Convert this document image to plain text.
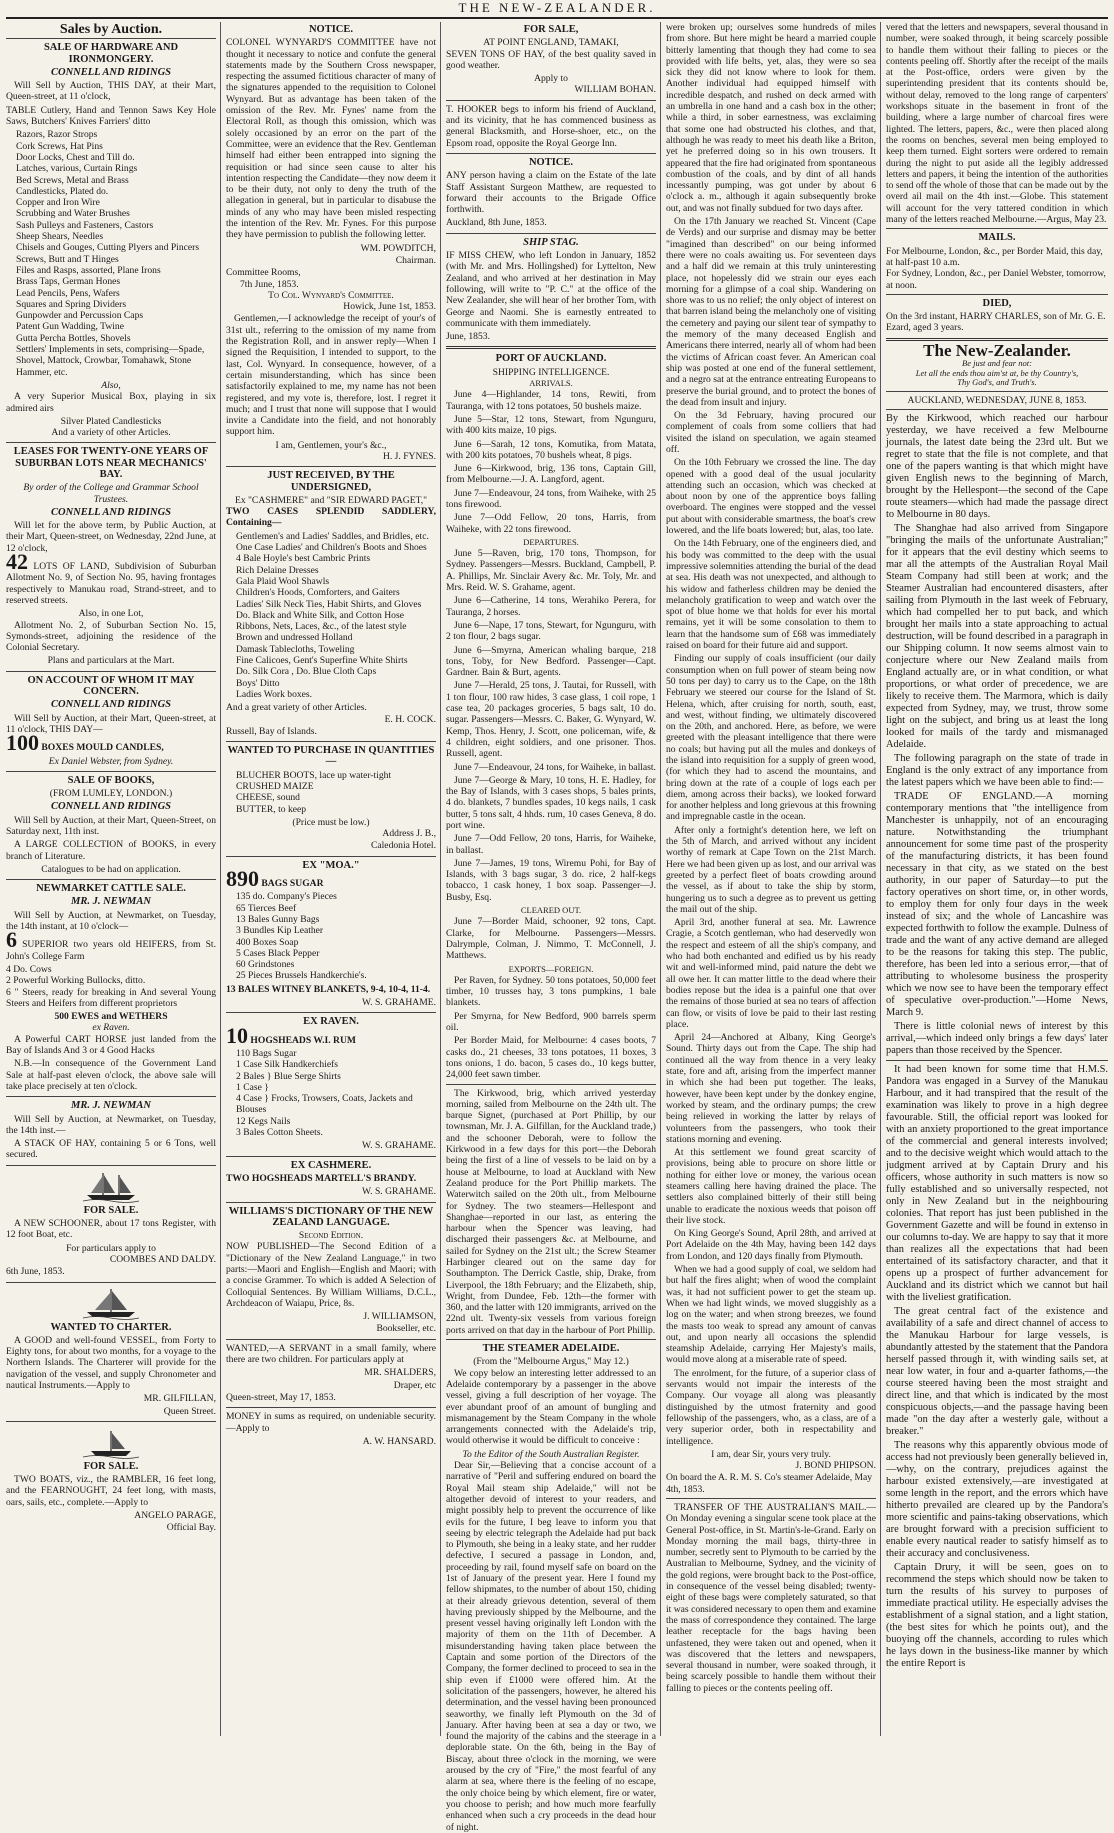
THE NEW-ZEALANDER.
Sales by Auction.
SALE OF HARDWARE AND IRONMONGERY.
CONNELL AND RIDINGS

Will Sell by Auction, THIS DAY, at their Mart, Queen-street, at 11 o'clock,

TABLE Cutlery, Hand and Tennon Saws Key Hole Saws, Butchers' Knives Farriers' ditto

Razors, Razor Strops
Cork Screws, Hat Pins
Door Locks, Chest and Till do.
Latches, various, Curtain Rings
Bed Screws, Metal and Brass
Candlesticks, Plated do.
Copper and Iron Wire
Scrubbing and Water Brushes
Sash Pulleys and Fasteners, Castors
Sheep Shears, Needles
Chisels and Gouges, Cutting Plyers and Pincers
Screws, Butt and T Hinges
Files and Rasps, assorted, Plane Irons
Brass Taps, German Hones
Lead Pencils, Pens, Wafers
Squares and Spring Dividers
Gunpowder and Percussion Caps
Patent Gun Wadding, Twine
Gutta Percha Bottles, Shovels
Settlers' Implements in sets, comprising—Spade, Shovel, Mattock, Crowbar, Tomahawk, Stone Hammer, etc.
Also,

A very Superior Musical Box, playing in six admired airs

Silver Plated Candlesticks
And a variety of other Articles.
LEASES FOR TWENTY-ONE YEARS OF SUBURBAN LOTS NEAR MECHANICS' BAY.
By order of the College and Grammar School Trustees.
CONNELL AND RIDINGS

Will let for the above term, by Public Auction, at their Mart, Queen-street, on Wednesday, 22nd June, at 12 o'clock,

42 LOTS OF LAND, Subdivision of Suburban Allotment No. 9, of Section No. 95, having frontages respectively to Manukau road, Strand-street, and to reserved streets.

Also, in one Lot,

Allotment No. 2, of Suburban Section No. 15, Symonds-street, adjoining the residence of the Colonial Secretary.

Plans and particulars at the Mart.
ON ACCOUNT OF WHOM IT MAY CONCERN.
CONNELL AND RIDINGS

Will Sell by Auction, at their Mart, Queen-street, at 11 o'clock, THIS DAY—

100 BOXES MOULD CANDLES,

Ex Daniel Webster, from Sydney.
SALE OF BOOKS,
(FROM LUMLEY, LONDON.)
CONNELL AND RIDINGS

Will Sell by Auction, at their Mart, Queen-Street, on Saturday next, 11th inst.

A LARGE COLLECTION of BOOKS, in every branch of Literature.

Catalogues to be had on application.
NEWMARKET CATTLE SALE.
MR. J. NEWMAN

Will Sell by Auction, at Newmarket, on Tuesday, the 14th instant, at 10 o'clock—

6 SUPERIOR two years old HEIFERS, from St. John's College Farm

4 Do. Cows
2 Powerful Working Bullocks, ditto.

6 " Steers, ready for breaking in And several Young Steers and Heifers from different proprietors

500 EWES and WETHERS
ex Raven.

A Powerful CART HORSE just landed from the Bay of Islands And 3 or 4 Good Hacks

N.B.—In consequence of the Government Land Sale at half-past eleven o'clock, the above sale will take place precisely at ten o'clock.

MR. J. NEWMAN

Will Sell by Auction, at Newmarket, on Tuesday, the 14th inst.—

A STACK OF HAY, containing 5 or 6 Tons, well secured.

FOR SALE.

A NEW SCHOONER, about 17 tons Register, with 12 foot Boat, etc.

For particulars apply to
COOMBES AND DALDY.
6th June, 1853.
WANTED TO CHARTER.

A GOOD and well-found VESSEL, from Forty to Eighty tons, for about two months, for a voyage to the Northern Islands. The Charterer will provide for the navigation of the vessel, and supply Chronometer and nautical Instruments.—Apply to

MR. GILFILLAN,
Queen Street.
FOR SALE.

TWO BOATS, viz., the RAMBLER, 16 feet long, and the FEARNOUGHT, 24 feet long, with masts, oars, sails, etc., complete.—Apply to

ANGELO PARAGE,
Official Bay.
NOTICE.

COLONEL WYNYARD'S COMMITTEE have not thought it necessary to notice and confute the general statements made by the Southern Cross newspaper, respecting the assumed fictitious character of many of the signatures appended to the requisition to Colonel Wynyard. But as advantage has been taken of the omission of the Rev. Mr. Fynes' name from the Electoral Roll, as though this omission, which was solely occasioned by an error on the part of the Committee, were an evidence that the Rev. Gentleman himself had either been entrapped into signing the requisition or had since seen cause to alter his intention respecting the Candidate—they now deem it to be their duty, not only to deny the truth of the allegation in general, but in particular to disabuse the minds of any who may have been misled respecting the intention of the Rev. Mr. Fynes. For this purpose they have permission to publish the following letter.

WM. POWDITCH,
Chairman.
Committee Rooms,
7th June, 1853.
To Col. Wynyard's Committee.
Howick, June 1st, 1853.

Gentlemen,—I acknowledge the receipt of your's of 31st ult., referring to the omission of my name from the Registration Roll, and in answer reply—When I signed the Requisition, I intended to support, to the last, Col. Wynyard. In consequence, however, of a certain misunderstanding, which has since been satisfactorily explained to me, my name has not been registered, and my vote is, therefore, lost. I regret it much; and I trust that none will suppose that I would invite a Candidate into the field, and not honorably support him.

I am, Gentlemen, your's &c.,
H. J. FYNES.
JUST RECEIVED, BY THE UNDERSIGNED,
Ex "CASHMERE" and "SIR EDWARD PAGET,"

TWO CASES SPLENDID SADDLERY, Containing—

Gentlemen's and Ladies' Saddles, and Bridles, etc.
One Case Ladies' and Children's Boots and Shoes
4 Bale Hoyle's best Cambric Prints
Rich Delaine Dresses
Gala Plaid Wool Shawls
Children's Hoods, Comforters, and Gaiters
Ladies' Silk Neck Ties, Habit Shirts, and Gloves
Do. Black and White Silk, and Cotton Hose
Ribbons, Nets, Laces, &c., of the latest style
Brown and undressed Holland
Damask Tablecloths, Toweling
Fine Calicoes, Gent's Superfine White Shirts
Do. Silk Cora , Do. Blue Cloth Caps
Boys' Ditto
Ladies Work boxes.
And a great variety of other Articles.
E. H. COCK.
Russell, Bay of Islands.
WANTED TO PURCHASE IN QUANTITIES—
BLUCHER BOOTS, lace up water-tight
CRUSHED MAIZE
CHEESE, sound
BUTTER, to keep
(Price must be low.)
Address J. B.,
Caledonia Hotel.
EX "MOA."

890 BAGS SUGAR

135 do. Company's Pieces
65 Tierces Beef
13 Bales Gunny Bags
3 Bundles Kip Leather
400 Boxes Soap
5 Cases Black Pepper
60 Grindstones
25 Pieces Brussels Handkerchie's.

13 BALES WITNEY BLANKETS, 9-4, 10-4, 11-4.

W. S. GRAHAME.
EX RAVEN.

10 HOGSHEADS W.I. RUM

110 Bags Sugar
1 Case Silk Handkerchiefs
2 Bales } Blue Serge Shirts
1 Case }
4 Case } Frocks, Trowsers, Coats, Jackets and Blouses
12 Kegs Nails
3 Bales Cotton Sheets.
W. S. GRAHAME.
EX CASHMERE.

TWO HOGSHEADS MARTELL'S BRANDY.

W. S. GRAHAME.
WILLIAMS'S DICTIONARY OF THE NEW ZEALAND LANGUAGE.
Second Edition.

NOW PUBLISHED—The Second Edition of a "Dictionary of the New Zealand Language," in two parts:—Maori and English—English and Maori; with a concise Grammer. To which is added A Selection of Colloquial Sentences. By William Williams, D.C.L., Archdeacon of Waiapu, Price, 8s.

J. WILLIAMSON,
Bookseller, etc.

WANTED,—A SERVANT in a small family, where there are two children. For particulars apply at

MR. SHALDERS,
Draper, etc
Queen-street, May 17, 1853.

MONEY in sums as required, on undeniable security.—Apply to

A. W. HANSARD.
FOR SALE,
AT POINT ENGLAND, TAMAKI,

SEVEN TONS OF HAY, of the best quality saved in good weather.

Apply to
WILLIAM BOHAN.

T. HOOKER begs to inform his friend of Auckland, and its vicinity, that he has commenced business as general Blacksmith, and Horse-shoer, etc., on the Epsom road, opposite the Royal George Inn.

NOTICE.

ANY person having a claim on the Estate of the late Staff Assistant Surgeon Matthew, are requested to forward their accounts to the Brigade Office forthwith.

Auckland, 8th June, 1853.
SHIP STAG.

IF MISS CHEW, who left London in January, 1852 (with Mr. and Mrs. Hollingshed) for Lyttelton, New Zealand, and who arrived at her destination in May following, will write to "P. C." at the office of the New Zealander, she will hear of her brother Tom, with George and Naomi. She is earnestly entreated to communicate with them immediately.

June, 1853.
PORT OF AUCKLAND.
SHIPPING INTELLIGENCE.
ARRIVALS.

June 4—Highlander, 14 tons, Rewiti, from Tauranga, with 12 tons potatoes, 50 bushels maize.

June 5—Star, 12 tons, Stewart, from Ngunguru, with 400 kits maize, 10 pigs.

June 6—Sarah, 12 tons, Komutika, from Matata, with 200 kits potatoes, 70 bushels wheat, 8 pigs.

June 6—Kirkwood, brig, 136 tons, Captain Gill, from Melbourne.—J. A. Langford, agent.

June 7—Endeavour, 24 tons, from Waiheke, with 25 tons firewood.

June 7—Odd Fellow, 20 tons, Harris, from Waiheke, with 22 tons firewood.

DEPARTURES.

June 5—Raven, brig, 170 tons, Thompson, for Sydney. Passengers—Messrs. Buckland, Campbell, P. A. Phillips, Mr. Sinclair Avery &c. Mr. Toly, Mr. and Mrs. Reid. W. S. Grahame, agent.

June 6—Catherine, 14 tons, Werahiko Perera, for Tauranga, 2 horses.

June 6—Nape, 17 tons, Stewart, for Ngunguru, with 2 ton flour, 2 bags sugar.

June 6—Smyrna, American whaling barque, 218 tons, Toby, for New Bedford. Passenger—Capt. Gardner. Bain & Burt, agents.

June 7—Herald, 25 tons, J. Tautai, for Russell, with 1 ton flour, 100 raw hides, 3 case glass, 1 coil rope, 1 case tea, 20 packages groceries, 5 bags salt, 10 do. sugar. Passengers—Messrs. C. Baker, G. Wynyard, W. Kemp, Thos. Henry, J. Scott, one policeman, wife, & 4 children, eight soldiers, and one prisoner. Thos. Russell, agent.

June 7—Endeavour, 24 tons, for Waiheke, in ballast.

June 7—George & Mary, 10 tons, H. E. Hadley, for the Bay of Islands, with 3 cases shops, 5 bales prints, 4 do. blankets, 7 bundles spades, 10 kegs nails, 1 cask butter, 5 tons salt, 4 hhds. rum, 10 cases Geneva, 8 do. port wine.

June 7—Odd Fellow, 20 tons, Harris, for Waiheke, in ballast.

June 7—James, 19 tons, Wiremu Pohi, for Bay of Islands, with 3 bags sugar, 3 do. rice, 2 half-kegs tobacco, 1 cask honey, 1 box soap. Passenger—J. Busby, Esq.

CLEARED OUT.

June 7—Border Maid, schooner, 92 tons, Capt. Clarke, for Melbourne. Passengers—Messrs. Dalrymple, Colman, J. Nimmo, T. McConnell, J. Matthews.

EXPORTS—FOREIGN.

Per Raven, for Sydney. 50 tons potatoes, 50,000 feet timber, 10 trusses hay, 3 tons pumpkins, 1 bale blankets.

Per Smyrna, for New Bedford, 900 barrels sperm oil.

Per Border Maid, for Melbourne: 4 cases boots, 7 casks do., 21 cheeses, 33 tons potatoes, 11 boxes, 3 tons onions, 1 do. bacon, 5 cases do., 10 kegs butter, 24,000 feet sawn timber.

The Kirkwood, brig, which arrived yesterday morning, sailed from Melbourne on the 24th ult. The barque Signet, (purchased at Port Phillip, by our townsman, Mr. J. A. Gilfillan, for the Auckland trade,) and the schooner Deborah, were to follow the Kirkwood in a few days for this port—the Deborah being the first of a line of vessels to be laid on by a house at Melbourne, to load at Auckland with New Zealand produce for the Port Phillip markets. The Waterwitch sailed on the 20th ult., from Melbourne for Sydney. The two steamers—Hellespont and Shanghae—reported in our last, as entering the harbour when the Spencer was leaving, had discharged their passengers &c. at Melbourne, and sailed for Sydney on the 21st ult.; the Screw Steamer Harbinger cleared out on the same day for Southampton. The Derrick Castle, ship, Drake, from Liverpool, the 18th February; and the Elizabeth, ship, Wright, from Dundee, Feb. 12th—the former with 360, and the latter with 120 immigrants, arrived on the 22nd ult. Twenty-six vessels from various foreign ports arrived on that day in the harbour of Port Phillip.

THE STEAMER ADELAIDE.
(From the "Melbourne Argus," May 12.)

We copy below an interesting letter addressed to an Adelaide contemporary by a passenger in the above vessel, giving a full description of her voyage. The ever abundant proof of an amount of bungling and mismanagement by the Steam Company in the whole arrangements connected with the Adelaide's trip, would otherwise it would be difficult to conceive :

To the Editor of the South Australian Register.

Dear Sir,—Believing that a concise account of a narrative of "Peril and suffering endured on board the Royal Mail steam ship Adelaide," will not be altogether devoid of interest to your readers, and might possibly help to prevent the occurrence of like evils for the future, I beg leave to inform you that seeing by electric telegraph the Adelaide had put back to Plymouth, she being in a leaky state, and her rudder defective, I secured a passage in London, and, proceeding by rail, found myself safe on board on the 1st of January of the present year. Here I found my fellow shipmates, to the number of about 150, chiding at their already grievous detention, several of them having previously shipped by the Melbourne, and the present vessel having originally left London with the majority of them on the 11th of December. A misunderstanding having taken place between the Captain and some portion of the Directors of the Company, the former declined to proceed to sea in the ship even if £1000 were offered him. At the solicitation of the passengers, however, he altered his determination, and the vessel having been pronounced seaworthy, we finally left Plymouth on the 3d of January. After having been at sea a day or two, we found the majority of the cabins and the steerage in a deplorable state. On the 6th, being in the Bay of Biscay, about three o'clock in the morning, we were aroused by the cry of "Fire," the most fearful of any alarm at sea, where there is the feeling of no escape, the only choice being by which element, fire or water, you choose to perish; and how much more fearfully enhanced when such a cry proceeds in the dead hour of night.

were broken up; ourselves some hundreds of miles from shore. But here might be heard a married couple bitterly lamenting that though they had come to sea provided with life belts, yet, alas, they were so sea sick they did not know where to look for them. Another individual had equipped himself with incredible despatch, and rushed on deck armed with an umbrella in one hand and a cash box in the other; while a third, in sober earnestness, was exclaiming that some one had obstructed his clothes, and that, although he was ready to meet his death like a Briton, yet he preferred doing so in his own trousers. It appeared that the fire had originated from spontaneous combustion of the coals, and by dint of all hands incessantly pumping, was got under by about 6 o'clock a. m., although it again subsequently broke out, and was not finally subdued for two days after.

On the 17th January we reached St. Vincent (Cape de Verds) and our surprise and dismay may be better "imagined than described" on our being informed there were no coals awaiting us. For seventeen days and a half did we remain at this truly uninteresting place, not hopelessly did we strain our eyes each morning for a glimpse of a coal ship. Wandering on shore was to us no relief; the only object of interest on that barren island being the melancholy one of visiting the cemetery and paying our silent tear of sympathy to the memory of the many deceased English and Americans there interred, nearly all of whom had been the victims of African coast fever. An American coal ship was posted at one end of the funeral settlement, and a negro sat at the entrance entreating Europeans to preserve the burial ground, and to protect the bones of the dead from insult and injury.

On the 3d February, having procured our complement of coals from some colliers that had visited the island on speculation, we again steamed off.

On the 10th February we crossed the line. The day opened with a good deal of the usual jocularity attending such an occasion, which was checked at about noon by one of the apprentice boys falling overboard. The engines were stopped and the vessel put about with considerable smartness, the boat's crew lowered, and the life boats lowered; but, alas, too late.

On the 14th February, one of the engineers died, and his body was committed to the deep with the usual impressive solemnities attending the burial of the dead at sea. His death was not unexpected, and although to his widow and fatherless children may be denied the melancholy gratification to weep and watch over the spot of blue home we that holds for ever his mortal remains, yet it will be some consolation to them to learn that the handsome sum of £68 was immediately raised on board for their future aid and support.

Finding our supply of coals insufficient (our daily consumption when on full power of steam being now 50 tons per day) to carry us to the Cape, on the 18th February we steered our course for the Island of St. Helena, which, after cruising for north, south, east, and west, without finding, we ultimately discovered on the 20th, and anchored. Here, as before, we were greeted with the pleasant intelligence that there were no coals; but having put all the mules and donkeys of the island into requisition for a supply of green wood, (for which they had to ascend the mountains, and bring down at the rate of a couple of logs each per diem, among across their backs), we looked forward for another helpless and long grievous at this frowning and impregnable castle in the ocean.

After only a fortnight's detention here, we left on the 5th of March, and arrived without any incident worthy of remark at Cape Town on the 21st March. Here we had been given up as lost, and our arrival was greeted by a perfect fleet of boats crowding around the vessel, as if about to take the ship by storm, hungering us to such a degree as to prevent us getting the mail out of the ship.

April 3rd, another funeral at sea. Mr. Lawrence Cragie, a Scotch gentleman, who had deservedly won the respect and esteem of all the ship's company, and who had both enchanted and edified us by his ready wit and well-informed mind, paid nature the debt we all owe her. It can matter little to the dead where their bodies repose but the idea is a painful one that over the remains of those buried at sea no tears of affection can flow, or visits of love be paid to their last resting place.

April 24—Anchored at Albany, King George's Sound. Thirty days out from the Cape. The ship had continued all the way from thence in a very leaky state, fore and aft, arising from the imperfect manner in which she had been put together. The leaks, however, have been kept under by the donkey engine, worked by steam, and the ordinary pumps; the crew being relieved in working the latter by relays of volunteers from the passengers, who took their stations morning and evening.

At this settlement we found great scarcity of provisions, being able to procure on shore little or nothing for either love or money, the various ocean steamers calling here having drained the place. The settlers also complained bitterly of their still being unable to eradicate the noxious weeds that poison off their live stock.

On King George's Sound, April 28th, and arrived at Port Adelaide on the 4th May, having been 142 days from London, and 120 days finally from Plymouth.

When we had a good supply of coal, we seldom had but half the fires alight; when of wood the complaint was, it had not sufficient power to get the steam up. When we had light winds, we moved sluggishly as a log on the water; and when strong breezes, we found the masts too weak to spread any amount of canvas out, and upon nearly all occasions the splendid steamship Adelaide, carrying Her Majesty's mails, would move along at a miserable rate of speed.

The enrolment, for the future, of a superior class of servants would not impair the interests of the Company. Our voyage all along was pleasantly distinguished by the utmost fraternity and good fellowship of the passengers, who, as a class, are of a very superior order, both in respectability and intelligence.

I am, dear Sir, yours very truly.
J. BOND PHIPSON.
On board the A. R. M. S. Co's steamer Adelaide, May 4th, 1853.

TRANSFER OF THE AUSTRALIAN'S MAIL.—On Monday evening a singular scene took place at the General Post-office, in St. Martin's-le-Grand. Early on Monday morning the mail bags, thirty-three in number, secretly sent to Plymouth to be carried by the Australian to Melbourne, Sydney, and the vicinity of the gold regions, were brought back to the Post-office, in consequence of the vessel being disabled; twenty-eight of these bags were completely saturated, so that it was considered necessary to open them and examine the mass of correspondence they contained. The large leather receptacle for the bags having been unfastened, they were taken out and opened, when it was discovered that the letters and newspapers, several thousand in number, were soaked through, it being scarcely possible to handle them without their falling to pieces or the contents peeling off.

vered that the letters and newspapers, several thousand in number, were soaked through, it being scarcely possible to handle them without their falling to pieces or the contents peeling off. Shortly after the receipt of the mails at the Post-office, orders were given by the superintending president that its contents should be, without delay, removed to the long range of carpenters' workshops situate in the basement in front of the building, where a large number of charcoal fires were lighted. The letters, papers, &c., were then placed along the rooms on benches, several men being employed to keep them turned. Eight sorters were ordered to remain during the night to put aside all the legibly addressed letters and papers, it being the intention of the authorities to send off the whole of those that can be made out by the overd ail mail on the 4th inst.—Globe. This statement will account for the very tattered condition in which many of the letters reached Melbourne.—Argus, May 23.

MAILS.

For Melbourne, London, &c., per Border Maid, this day, at half-past 10 a.m.

For Sydney, London, &c., per Daniel Webster, tomorrow, at noon.

DIED,

On the 3rd instant, HARRY CHARLES, son of Mr. G. E. Ezard, aged 3 years.

The New-Zealander.
Be just and fear not:
Let all the ends thou aim'st at, be thy Country's,
Thy God's, and Truth's.
AUCKLAND, WEDNESDAY, JUNE 8, 1853.

By the Kirkwood, which reached our harbour yesterday, we have received a few Melbourne journals, the latest date being the 23rd ult. But we regret to state that the file is not complete, and that one of the papers wanting is that which might have given English news to the beginning of March, brought by the Hellespont—the second of the Cape route steamers—which had made the passage direct to Melbourne in 80 days.

The Shanghae had also arrived from Singapore "bringing the mails of the unfortunate Australian;" for it appears that the evil destiny which seems to mar all the attempts of the Australian Royal Mail Steam Company had still been at work; and the Steamer Australian had encountered disasters, after sailing from Plymouth in the last week of February, which had compelled her to put back, and which brought her mails into a state approaching to actual destruction, will be found described in a paragraph in our Shipping column. It now seems almost vain to conjecture where our New Zealand mails from England actually are, or in what condition, or what proportions, or what order of precedence, we are likely to receive them. The Marmora, which is daily expected from Sydney, may, we trust, throw some light on the subject, and bring us at least the long looked for mails of the tardy and mismanaged Adelaide.

The following paragraph on the state of trade in England is the only extract of any importance from the latest papers which we have been able to find:—

TRADE OF ENGLAND.—A morning contemporary mentions that "the intelligence from Manchester is unhappily, not of an encouraging nature. Notwithstanding the triumphant announcement for some time past of the prosperity of the manufacturing districts, it has been found necessary in that city, as we stated on the best authority, in our paper of Saturday—to put the factory operatives on short time, or, in other words, to employ them for only four days in the week instead of six; and the whole of Lancashire was expected forthwith to follow the example. Dulness of trade and the want of any active demand are alleged to be the reasons for taking this step. The public, therefore, has been led into a serious error,—that of attributing to wholesome business the prosperity which we now see to have been the temporary effect of speculative over-production."—Home News, March 9.

There is little colonial news of interest by this arrival,—which indeed only brings a few days' later papers than those received by the Spencer.

It had been known for some time that H.M.S. Pandora was engaged in a Survey of the Manukau Harbour, and it had transpired that the result of the examination was likely to prove in a high degree favourable. Still, the official report was looked for with an anxiety proportioned to the great importance of the commercial and general interests involved; and to the decisive weight which would attach to the judgment arrived at by Captain Drury and his officers, whose authority in such matters is now so fully established and so universally respected, not only in New Zealand but in the neighbouring colonies. That report has just been published in the Government Gazette and will be found in extenso in our columns to-day. We are happy to say that it more than realizes all the expectations that had been entertained of its satisfactory character, and that it opens up a prospect of further advancement for Auckland and its district which we cannot but hail with the liveliest gratification.

The great central fact of the existence and availability of a safe and direct channel of access to the Manukau Harbour for large vessels, is abundantly attested by the statement that the Pandora herself passed through it, with winding sails set, at near low water, in four and a-quarter fathoms,—the course steered having been the most straight and direct line, and that which is indicated by the most conspicuous objects,—and the passage having been made "on the day after a westerly gale, without a breaker."

The reasons why this apparently obvious mode of access had not previously been generally believed in,—why, on the contrary, prejudices against the harbour existed extensively,—are investigated at some length in the report, and the errors which have hitherto prevailed are cleared up by the Pandora's more scientific and pains-taking observations, which are brought forward with a precision sufficient to enable every nautical reader to satisfy himself as to their accuracy and conclusiveness.

Captain Drury, it will be seen, goes on to recommend the steps which should now be taken to turn the results of his survey to purposes of immediate practical utility. He especially advises the establishment of a signal station, and a light station, (the best sites for which he points out), and the buoying off the channels, according to rules which he lays down in the business-like manner by which the entire Report is
